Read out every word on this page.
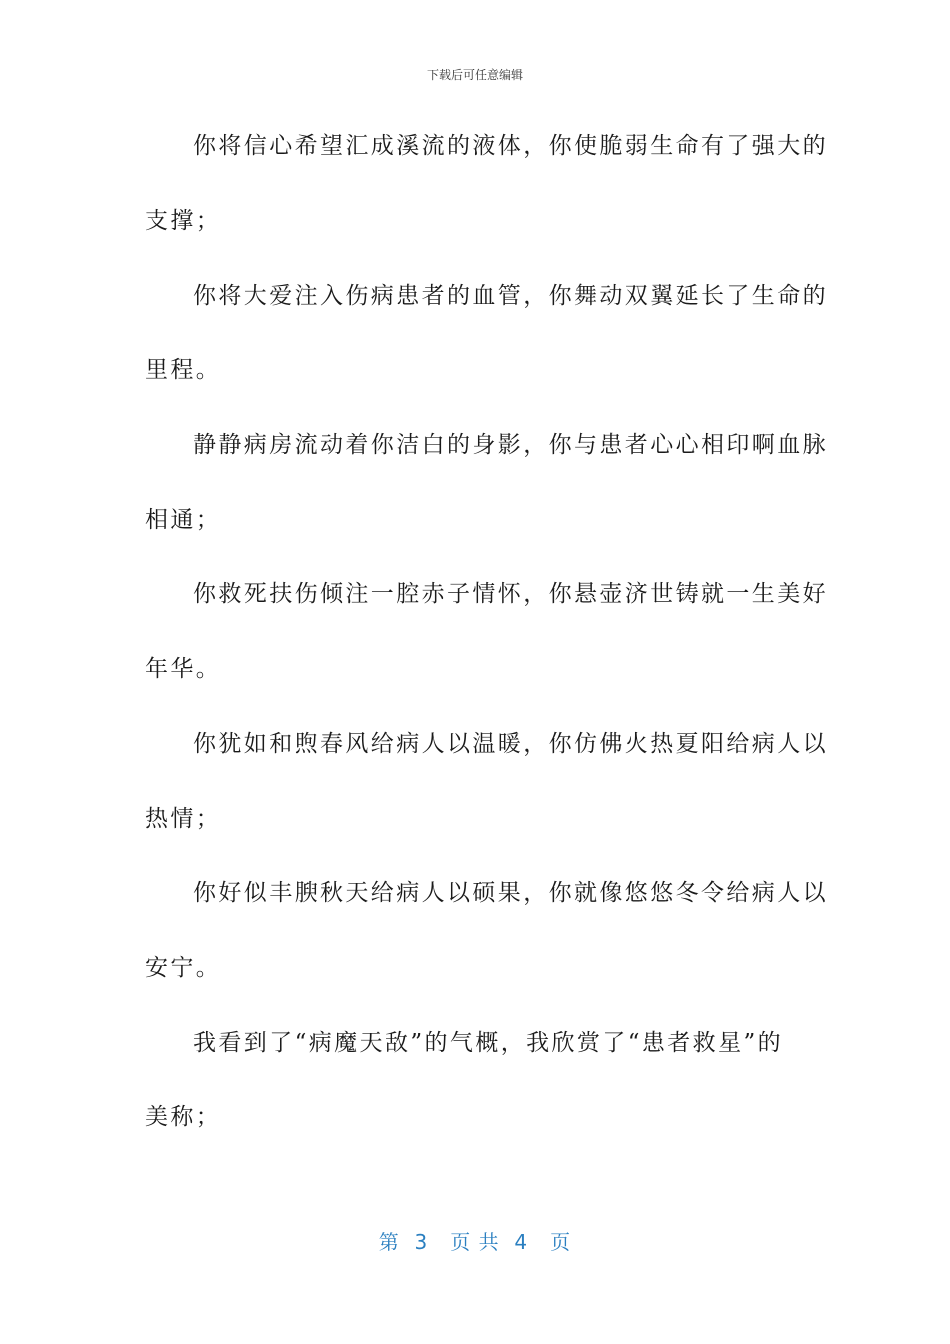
下载后可任意编辑
你将信心希望汇成溪流的液体，你使脆弱生命有了强大的
支撑；
你将大爱注入伤病患者的血管，你舞动双翼延长了生命的
里程。
静静病房流动着你洁白的身影，你与患者心心相印啊血脉
相通；
你救死扶伤倾注一腔赤子情怀，你悬壶济世铸就一生美好
年华。
你犹如和煦春风给病人以温暖，你仿佛火热夏阳给病人以
热情；
你好似丰腴秋天给病人以硕果，你就像悠悠冬令给病人以
安宁。
我看到了“病魔天敌”的气概，我欣赏了“患者救星”的
美称；
第  3   页 共  4   页
